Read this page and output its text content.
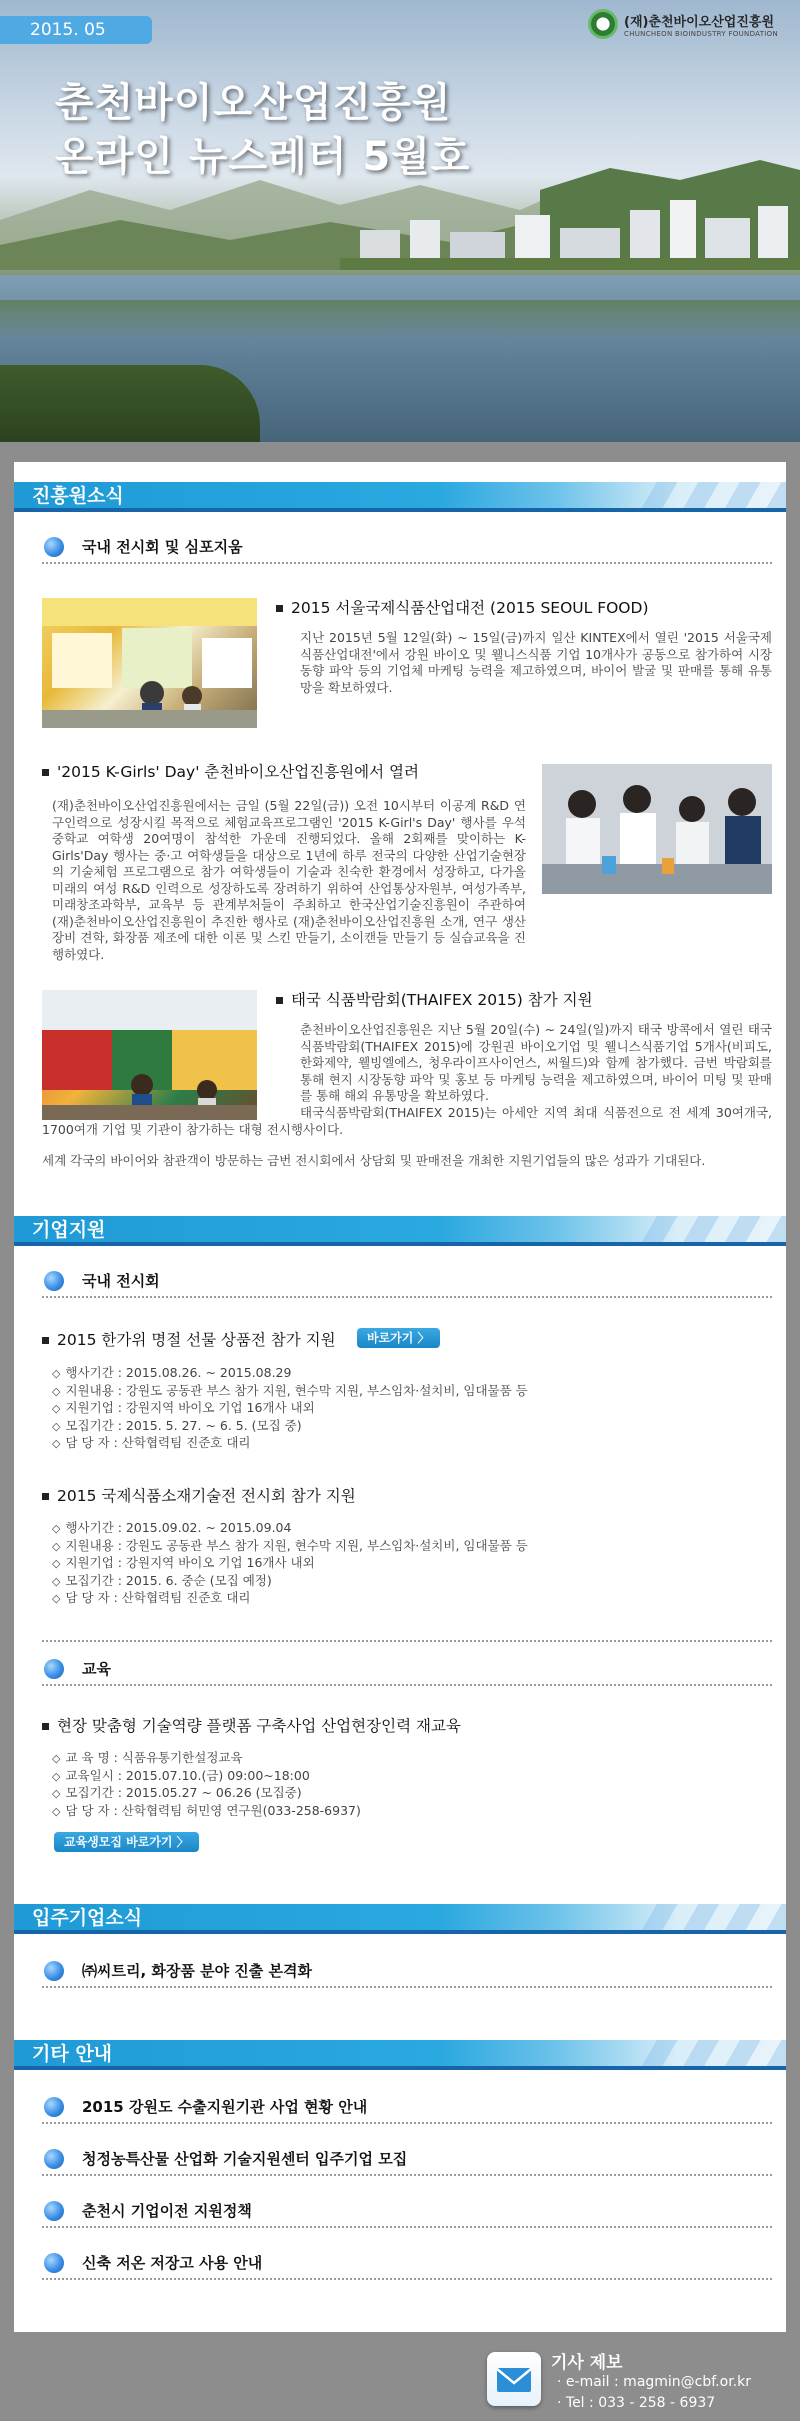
2015. 05	(재)춘천바이오산업진흥원
CHUNCHEON BIOINDUSTRY FOUNDATION
춘천바이오산업진흥원
온라인 뉴스레터 5월호
진흥원소식
국내 전시회 및 심포지움
2015 서울국제식품산업대전 (2015 SEOUL FOOD)
지난 2015년 5월 12일(화) ~ 15일(금)까지 일산 KINTEX에서 열린 '2015 서울국제식품산업대전'에서 강원 바이오 및 웰니스식품 기업 10개사가 공동으로 참가하여 시장동향 파악 등의 기업체 마케팅 능력을 제고하였으며, 바이어 발굴 및 판매를 통해 유통망을 확보하였다.
'2015 K-Girls' Day' 춘천바이오산업진흥원에서 열려
(재)춘천바이오산업진흥원에서는 금일 (5월 22일(금)) 오전 10시부터 이공계 R&D 연구인력으로 성장시킬 목적으로 체험교육프로그램인 '2015 K-Girl's Day' 행사를 우석중학교 여학생 20여명이 참석한 가운데 진행되었다. 올해 2회째를 맞이하는 K-Girls'Day 행사는 중·고 여학생들을 대상으로 1년에 하루 전국의 다양한 산업기술현장의 기술체험 프로그램으로 참가 여학생들이 기술과 친숙한 환경에서 성장하고, 다가올 미래의 여성 R&D 인력으로 성장하도록 장려하기 위하여 산업통상자원부, 여성가족부, 미래창조과학부, 교육부 등 관계부처들이 주최하고 한국산업기술진흥원이 주관하여 (재)춘천바이오산업진흥원이 추진한 행사로 (재)춘천바이오산업진흥원 소개, 연구 생산 장비 견학, 화장품 제조에 대한 이론 및 스킨 만들기, 소이캔들 만들기 등 실습교육을 진행하였다.
태국 식품박람회(THAIFEX 2015) 참가 지원
춘천바이오산업진흥원은 지난 5월 20일(수) ~ 24일(일)까지 태국 방콕에서 열린 태국식품박람회(THAIFEX 2015)에 강원권 바이오기업 및 웰니스식품기업 5개사(비피도, 한화제약, 웰빙엘에스, 청우라이프사이언스, 씨월드)와 함께 참가했다. 금번 박람회를 통해 현지 시장동향 파악 및 홍보 등 마케팅 능력을 제고하였으며, 바이어 미팅 및 판매를 통해 해외 유통망을 확보하였다.
태국식품박람회(THAIFEX 2015)는 아세안 지역 최대 식품전으로 전 세계 30여개국, 1700여개 기업 및 기관이 참가하는 대형 전시행사이다.
세계 각국의 바이어와 참관객이 방문하는 금번 전시회에서 상담회 및 판매전을 개최한 지원기업들의 많은 성과가 기대된다.
기업지원
국내 전시회
2015 한가위 명절 선물 상품전 참가 지원	바로가기 〉
◇ 행사기간 : 2015.08.26. ~ 2015.08.29
◇ 지원내용 : 강원도 공동관 부스 참가 지원, 현수막 지원, 부스임차·설치비, 임대물품 등
◇ 지원기업 : 강원지역 바이오 기업 16개사 내외
◇ 모집기간 : 2015. 5. 27. ~ 6. 5. (모집 중)
◇ 담 당 자 : 산학협력팀 진준호 대리
2015 국제식품소재기술전 전시회 참가 지원
◇ 행사기간 : 2015.09.02. ~ 2015.09.04
◇ 지원내용 : 강원도 공동관 부스 참가 지원, 현수막 지원, 부스임차·설치비, 임대물품 등
◇ 지원기업 : 강원지역 바이오 기업 16개사 내외
◇ 모집기간 : 2015. 6. 중순 (모집 예정)
◇ 담 당 자 : 산학협력팀 진준호 대리
교육
현장 맞춤형 기술역량 플랫폼 구축사업 산업현장인력 재교육
◇ 교 육 명 : 식품유통기한설정교육
◇ 교육일시 : 2015.07.10.(금) 09:00~18:00
◇ 모집기간 : 2015.05.27 ~ 06.26 (모집중)
◇ 담 당 자 : 산학협력팀 허민영 연구원(033-258-6937)
교육생모집 바로가기 〉
입주기업소식
㈜씨트리, 화장품 분야 진출 본격화
기타 안내
2015 강원도 수출지원기관 사업 현황 안내
청정농특산물 산업화 기술지원센터 입주기업 모집
춘천시 기업이전 지원정책
신축 저온 저장고 사용 안내
기사 제보
· e-mail : magmin@cbf.or.kr
· Tel : 033 - 258 - 6937
